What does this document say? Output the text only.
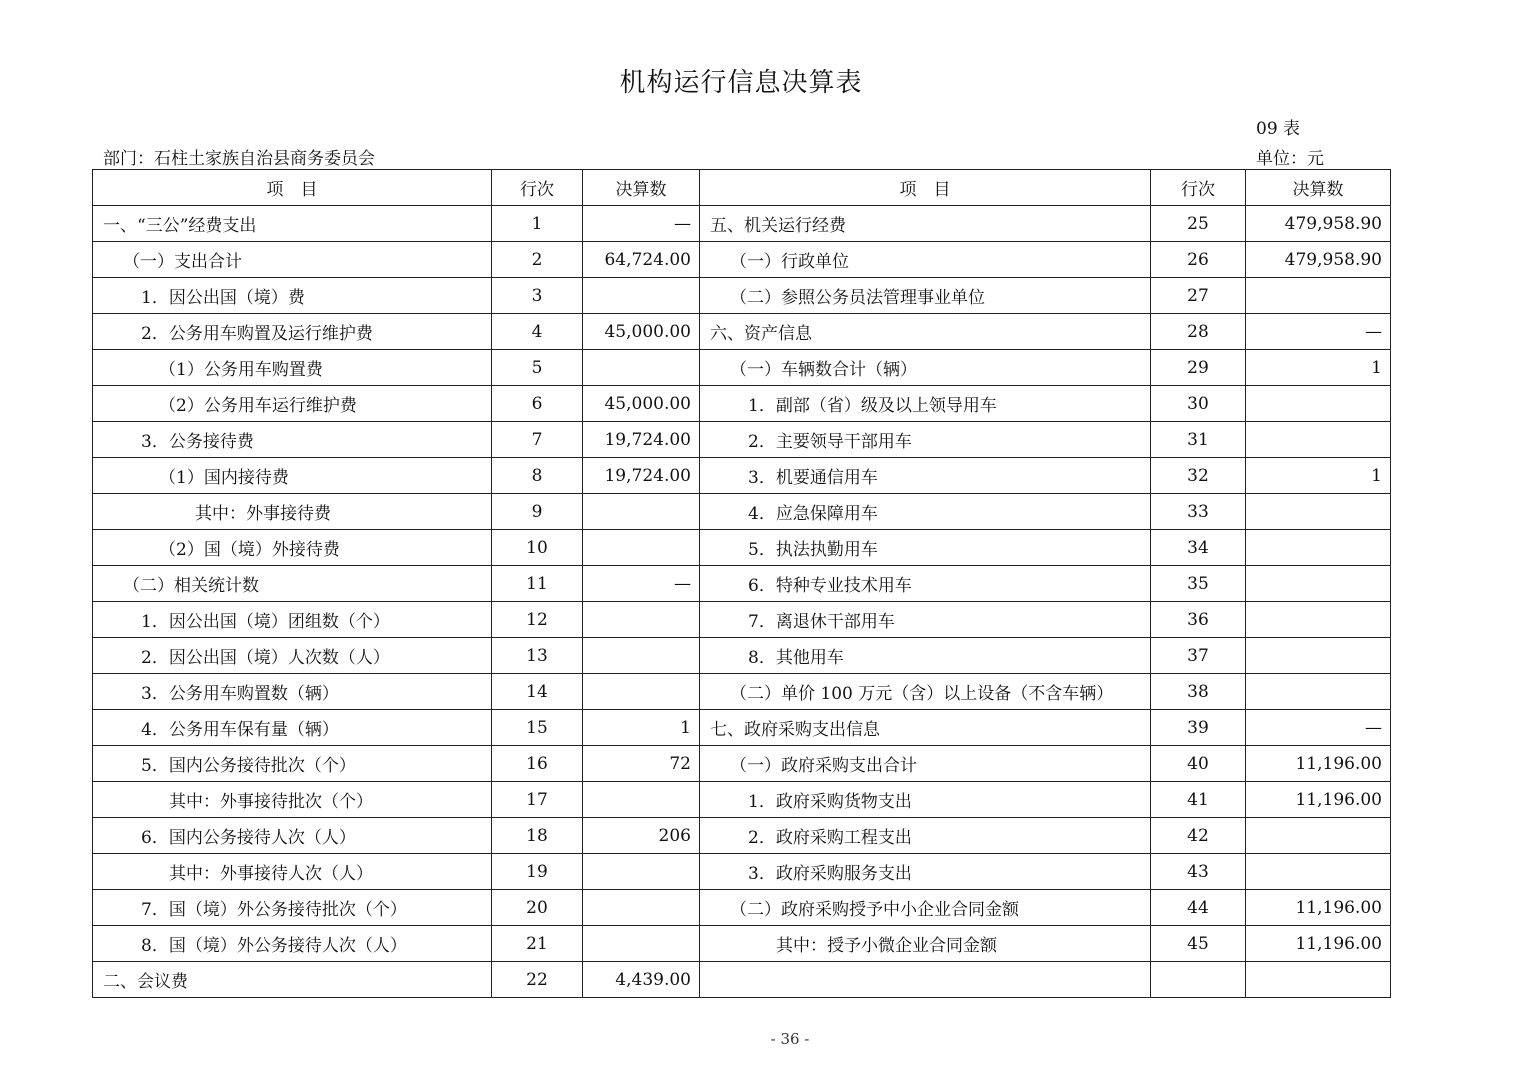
机构运行信息决算表
09 表
部门：石柱土家族自治县商务委员会	单位：元
项　目	行次	决算数	项　目	行次	决算数
一、“三公”经费支出	1	—	五、机关运行经费	25	479,958.90
（一）支出合计	2	64,724.00	（一）行政单位	26	479,958.90
1．因公出国（境）费	3		（二）参照公务员法管理事业单位	27	
2．公务用车购置及运行维护费	4	45,000.00	六、资产信息	28	—
（1）公务用车购置费	5		（一）车辆数合计（辆）	29	1
（2）公务用车运行维护费	6	45,000.00	1．副部（省）级及以上领导用车	30	
3．公务接待费	7	19,724.00	2．主要领导干部用车	31	
（1）国内接待费	8	19,724.00	3．机要通信用车	32	1
其中：外事接待费	9		4．应急保障用车	33	
（2）国（境）外接待费	10		5．执法执勤用车	34	
（二）相关统计数	11	—	6．特种专业技术用车	35	
1．因公出国（境）团组数（个）	12		7．离退休干部用车	36	
2．因公出国（境）人次数（人）	13		8．其他用车	37	
3．公务用车购置数（辆）	14		（二）单价 100 万元（含）以上设备（不含车辆）	38	
4．公务用车保有量（辆）	15	1	七、政府采购支出信息	39	—
5．国内公务接待批次（个）	16	72	（一）政府采购支出合计	40	11,196.00
其中：外事接待批次（个）	17		1．政府采购货物支出	41	11,196.00
6．国内公务接待人次（人）	18	206	2．政府采购工程支出	42	
其中：外事接待人次（人）	19		3．政府采购服务支出	43	
7．国（境）外公务接待批次（个）	20		（二）政府采购授予中小企业合同金额	44	11,196.00
8．国（境）外公务接待人次（人）	21		其中：授予小微企业合同金额	45	11,196.00
二、会议费	22	4,439.00			
- 36 -
